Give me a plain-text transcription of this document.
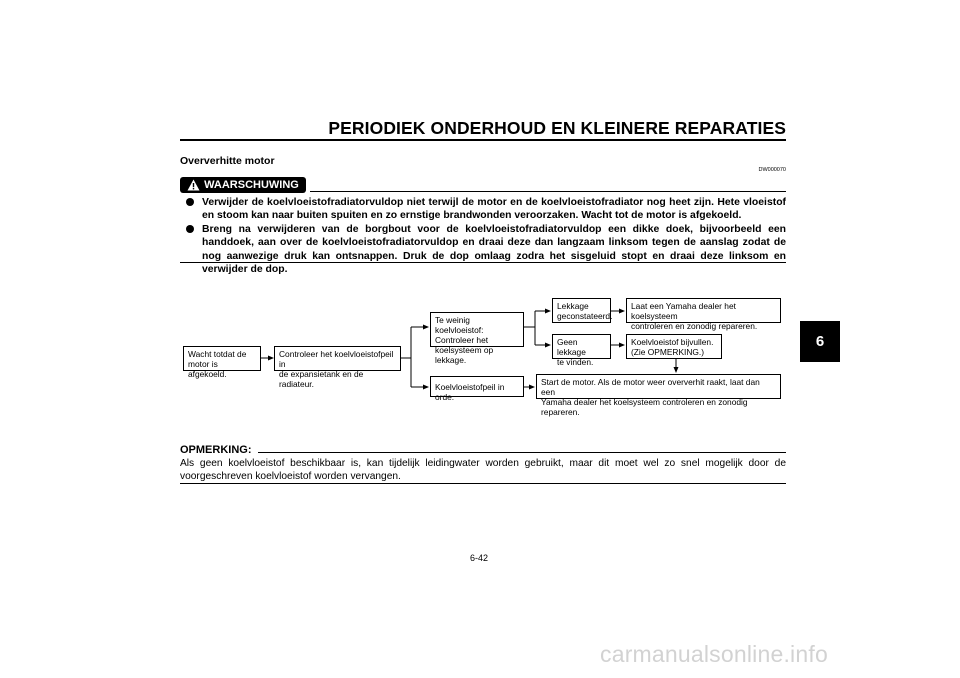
PERIODIEK ONDERHOUD EN KLEINERE REPARATIES
Oververhitte motor
DW000070
WAARSCHUWING
Verwijder de koelvloeistofradiatorvuldop niet terwijl de motor en de koelvloeistofradiator nog heet zijn. Hete vloeistof en stoom kan naar buiten spuiten en zo ernstige brandwonden veroorzaken. Wacht tot de motor is afgekoeld.
Breng na verwijderen van de borgbout voor de koelvloeistofradiatorvuldop een dikke doek, bijvoorbeeld een handdoek, aan over de koelvloeistofradiatorvuldop en draai deze dan langzaam linksom tegen de aanslag zodat de nog aanwezige druk kan ontsnappen. Druk de dop omlaag zodra het sisgeluid stopt en draai deze linksom en verwijder de dop.
Wacht totdat de
motor is afgekoeld.
Controleer het koelvloeistofpeil in
de expansietank en de radiateur.
Te weinig koelvloeistof:
Controleer het
koelsysteem op lekkage.
Koelvloeistofpeil in orde.
Lekkage
geconstateerd.
Geen lekkage
te vinden.
Laat een Yamaha dealer het koelsysteem
controleren en zonodig repareren.
Koelvloeistof bijvullen.
(Zie OPMERKING.)
Start de motor. Als de motor weer oververhit raakt, laat dan een
Yamaha dealer het koelsysteem controleren en zonodig repareren.
OPMERKING:
Als geen koelvloeistof beschikbaar is, kan tijdelijk leidingwater worden gebruikt, maar dit moet wel zo snel mogelijk door de voorgeschreven koelvloeistof worden vervangen.
6-42
6
carmanualsonline.info
